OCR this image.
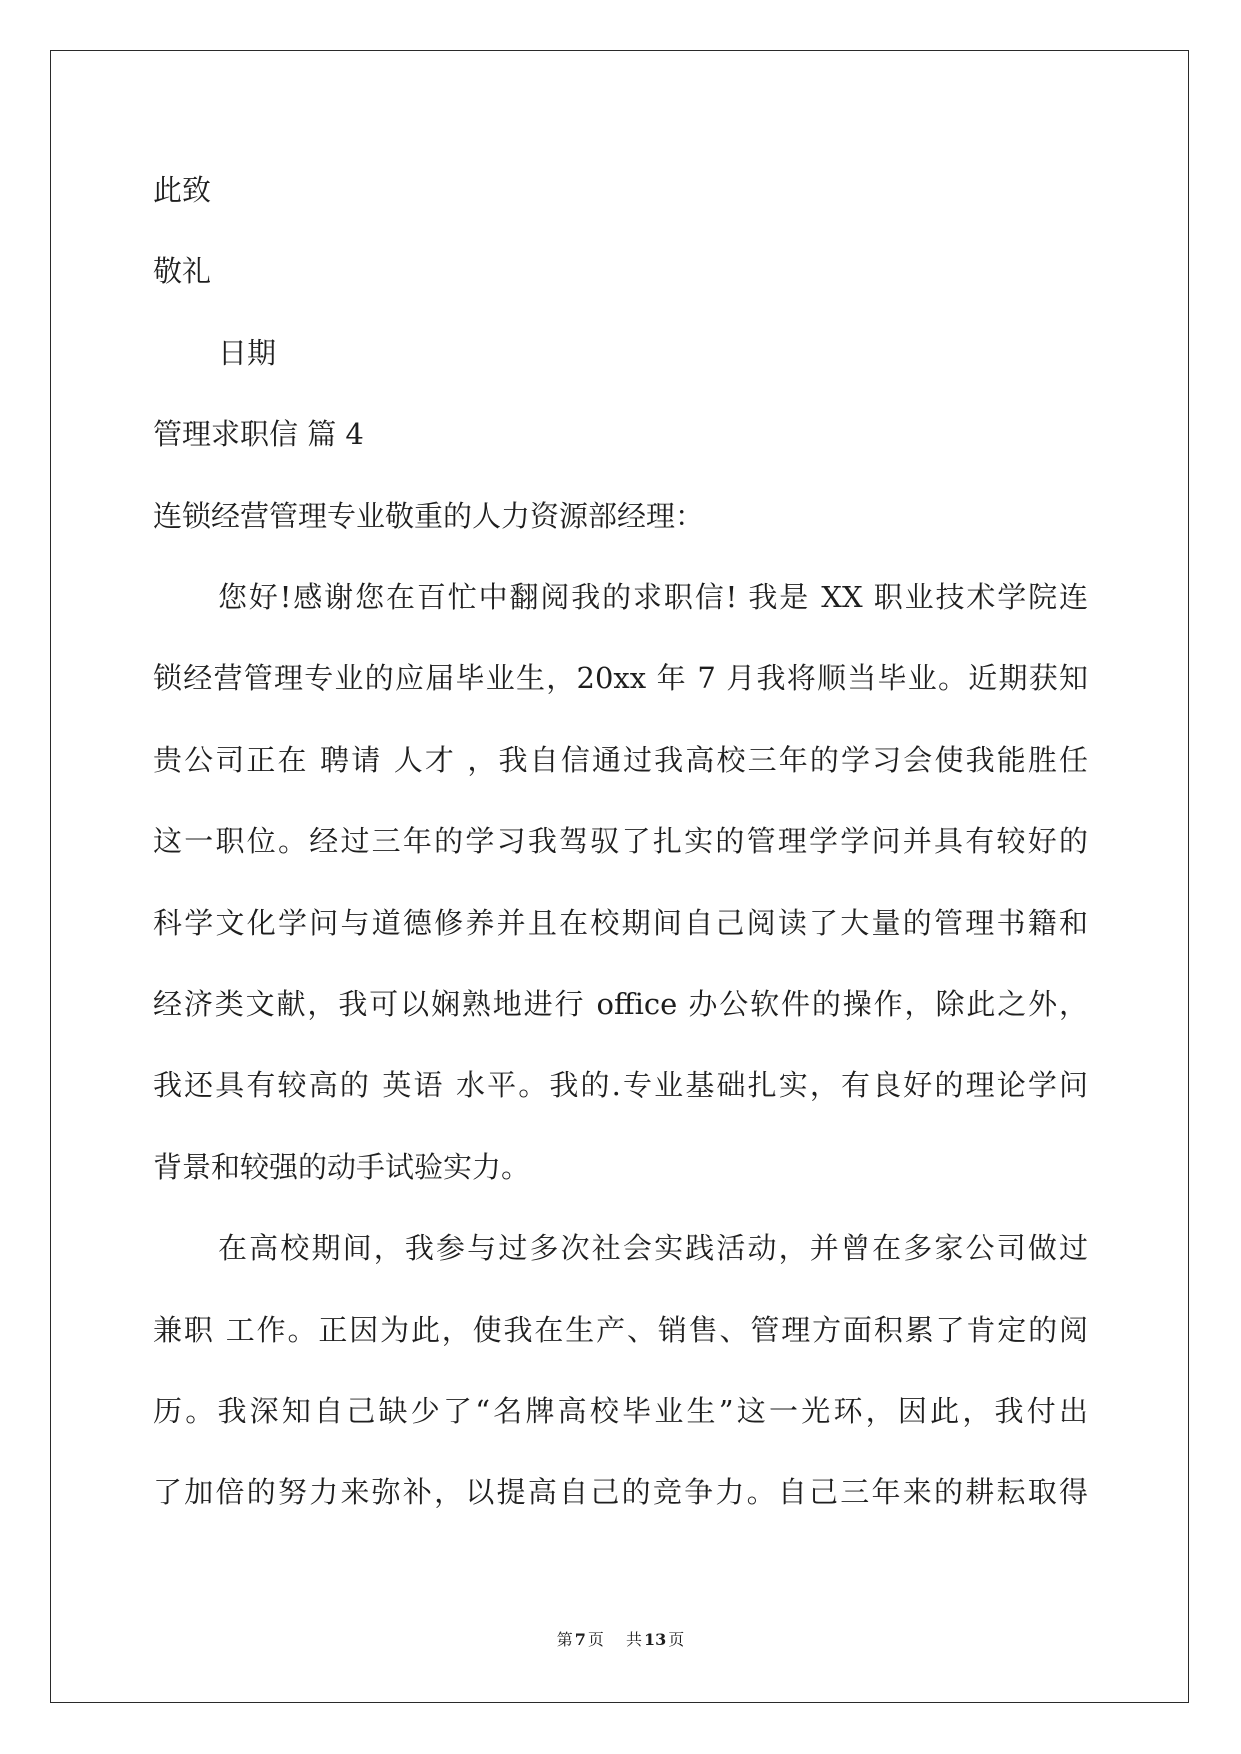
此致
敬礼
日期
管理求职信 篇 4
连锁经营管理专业敬重的人力资源部经理：
您好!感谢您在百忙中翻阅我的求职信! 我是 XX 职业技术学院连
锁经营管理专业的应届毕业生，20xx 年 7 月我将顺当毕业。近期获知
贵公司正在 聘请 人才 ，我自信通过我高校三年的学习会使我能胜任
这一职位。经过三年的学习我驾驭了扎实的管理学学问并具有较好的
科学文化学问与道德修养并且在校期间自己阅读了大量的管理书籍和
经济类文献，我可以娴熟地进行 office 办公软件的操作，除此之外，
我还具有较高的 英语 水平。我的.专业基础扎实，有良好的理论学问
背景和较强的动手试验实力。
在高校期间，我参与过多次社会实践活动，并曾在多家公司做过
兼职 工作。正因为此，使我在生产、销售、管理方面积累了肯定的阅
历。我深知自己缺少了“名牌高校毕业生”这一光环，因此，我付出
了加倍的努力来弥补，以提高自己的竞争力。自己三年来的耕耘取得
第 7 页 共 13 页
